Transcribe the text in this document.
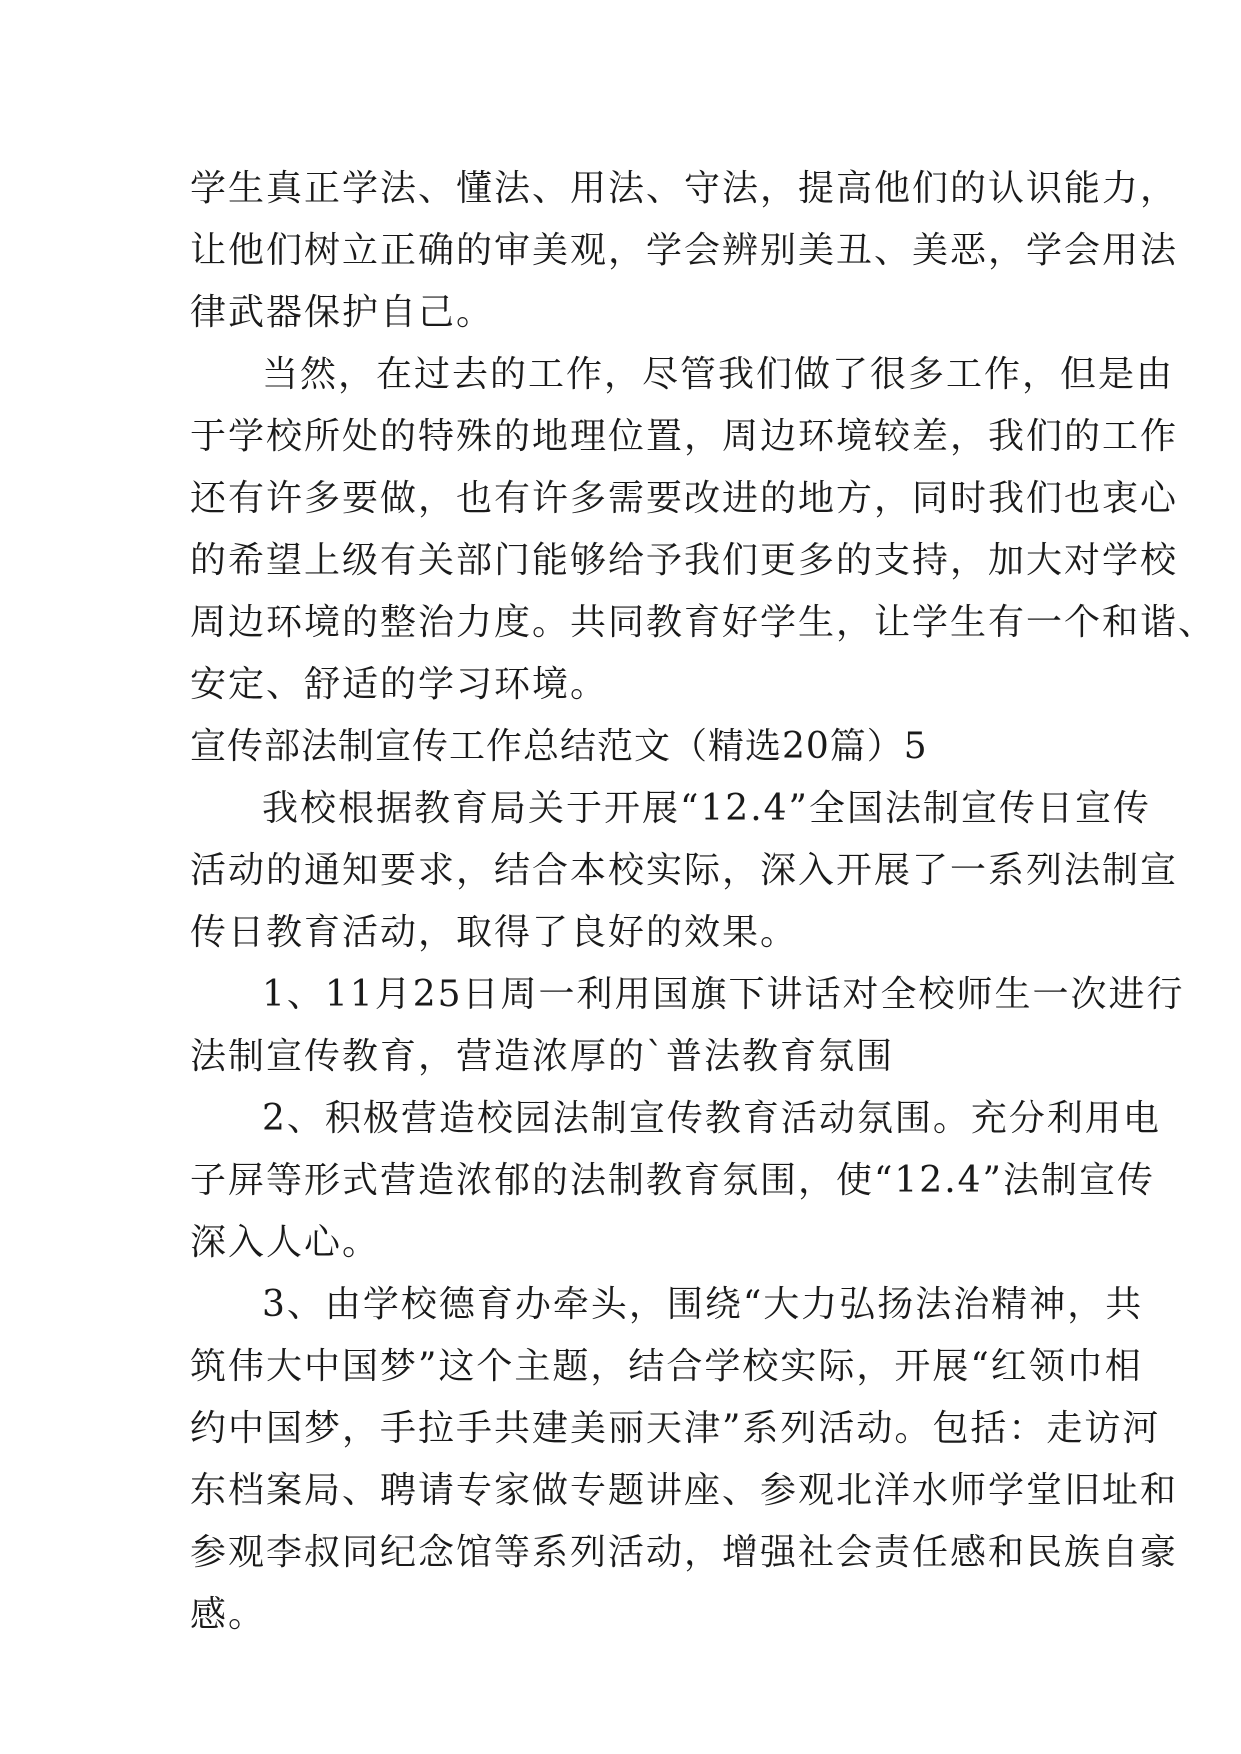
学生真正学法、懂法、用法、守法，提高他们的认识能力，
让他们树立正确的审美观，学会辨别美丑、美恶，学会用法
律武器保护自己。
当然，在过去的工作，尽管我们做了很多工作，但是由
于学校所处的特殊的地理位置，周边环境较差，我们的工作
还有许多要做，也有许多需要改进的地方，同时我们也衷心
的希望上级有关部门能够给予我们更多的支持，加大对学校
周边环境的整治力度。共同教育好学生，让学生有一个和谐、
安定、舒适的学习环境。
宣传部法制宣传工作总结范文（精选20篇）5
我校根据教育局关于开展“12.4”全国法制宣传日宣传
活动的通知要求，结合本校实际，深入开展了一系列法制宣
传日教育活动，取得了良好的效果。
1、11月25日周一利用国旗下讲话对全校师生一次进行
法制宣传教育，营造浓厚的`普法教育氛围
2、积极营造校园法制宣传教育活动氛围。充分利用电
子屏等形式营造浓郁的法制教育氛围，使“12.4”法制宣传
深入人心。
3、由学校德育办牵头，围绕“大力弘扬法治精神，共
筑伟大中国梦”这个主题，结合学校实际，开展“红领巾相
约中国梦，手拉手共建美丽天津”系列活动。包括：走访河
东档案局、聘请专家做专题讲座、参观北洋水师学堂旧址和
参观李叔同纪念馆等系列活动，增强社会责任感和民族自豪
感。
